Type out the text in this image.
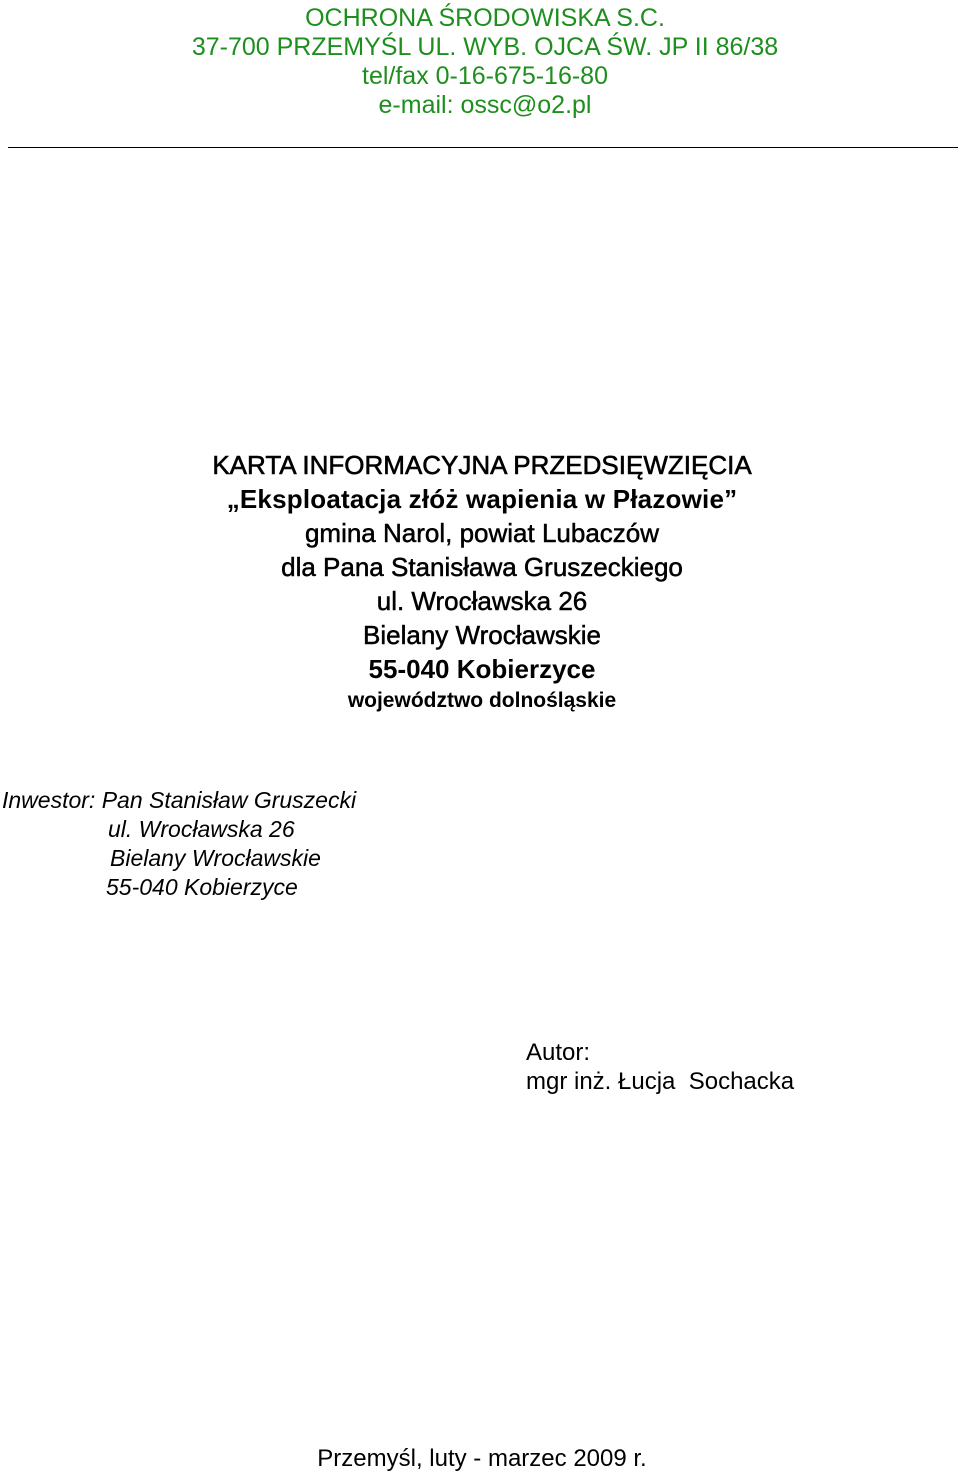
OCHRONA ŚRODOWISKA S.C.
37-700 PRZEMYŚL UL. WYB. OJCA ŚW. JP II 86/38
tel/fax 0-16-675-16-80
e-mail: ossc@o2.pl
KARTA INFORMACYJNA PRZEDSIĘWZIĘCIA
„Eksploatacja złóż wapienia w Płazowie”
gmina Narol, powiat Lubaczów
dla Pana Stanisława Gruszeckiego
ul. Wrocławska 26
Bielany Wrocławskie
55-040 Kobierzyce
województwo dolnośląskie
Inwestor: Pan Stanisław Gruszecki
ul. Wrocławska 26
Bielany Wrocławskie
55-040 Kobierzyce
Autor:
mgr inż. Łucja  Sochacka
Przemyśl, luty - marzec 2009 r.
